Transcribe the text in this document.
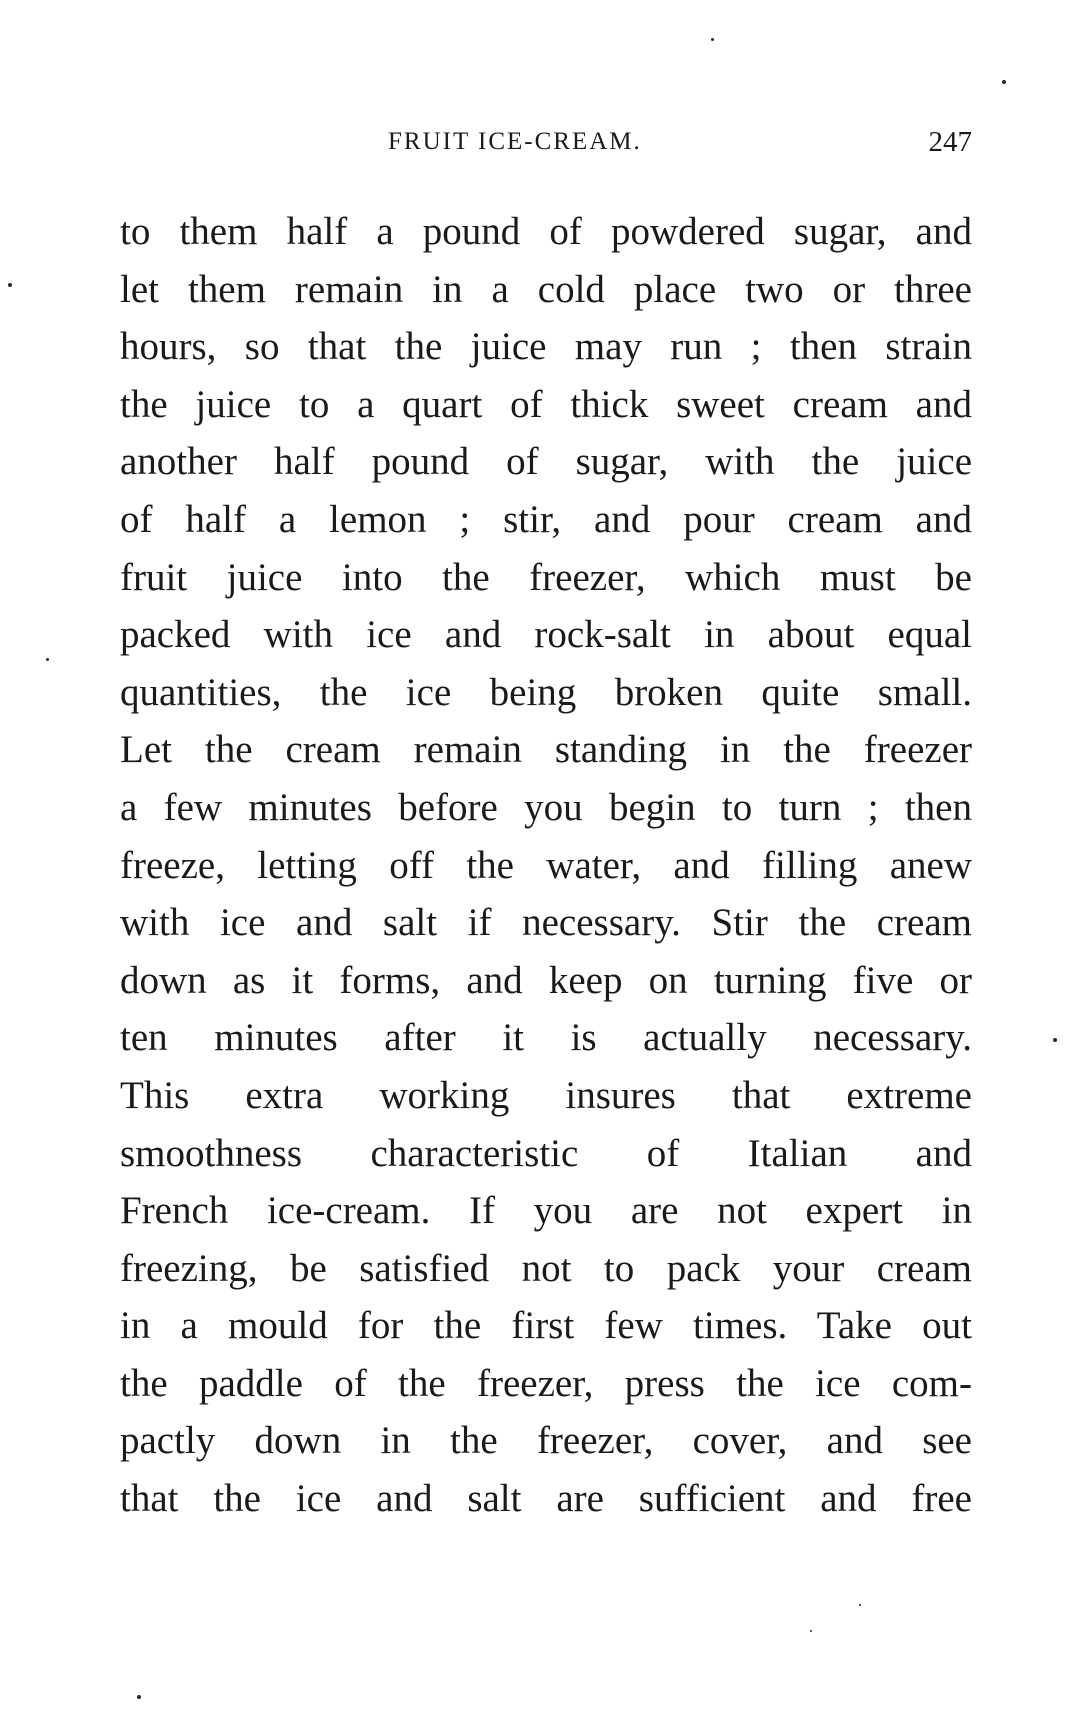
FRUIT ICE-CREAM.	247
to them half a pound of powdered sugar, and
let them remain in a cold place two or three
hours, so that the juice may run ; then strain
the juice to a quart of thick sweet cream and
another half pound of sugar, with the juice
of half a lemon ; stir, and pour cream and
fruit juice into the freezer, which must be
packed with ice and rock-salt in about equal
quantities, the ice being broken quite small.
Let the cream remain standing in the freezer
a few minutes before you begin to turn ; then
freeze, letting off the water, and filling anew
with ice and salt if necessary. Stir the cream
down as it forms, and keep on turning five or
ten minutes after it is actually necessary.
This extra working insures that extreme
smoothness characteristic of Italian and
French ice-cream. If you are not expert in
freezing, be satisfied not to pack your cream
in a mould for the first few times. Take out
the paddle of the freezer, press the ice com-
pactly down in the freezer, cover, and see
that the ice and salt are sufficient and free
